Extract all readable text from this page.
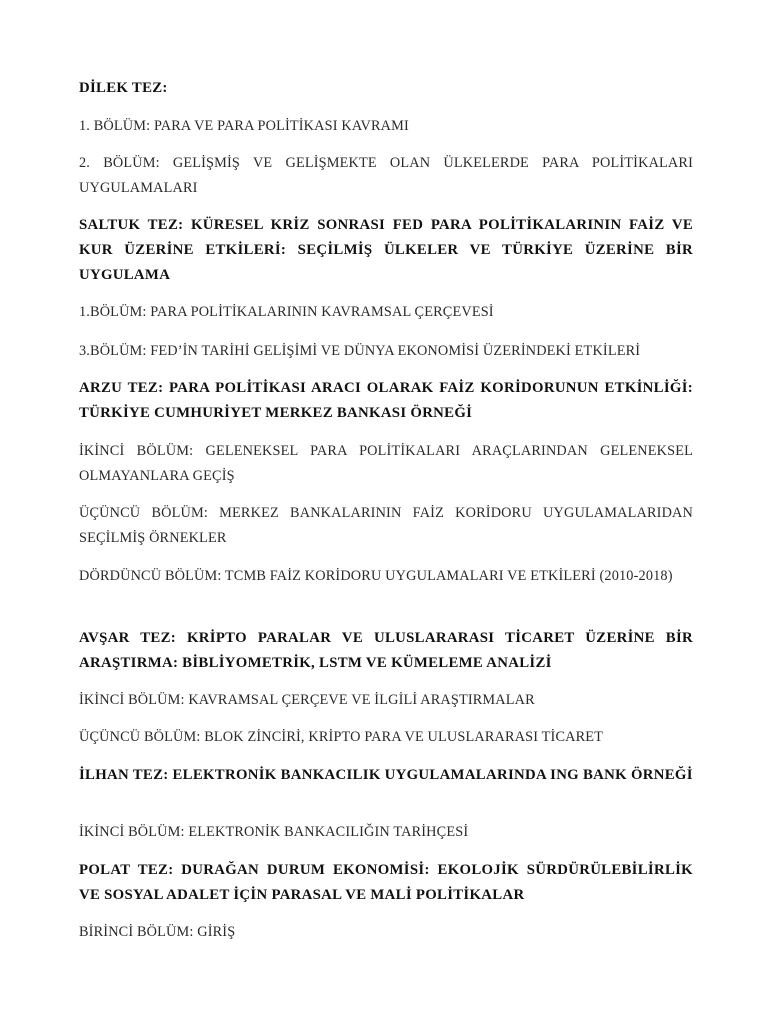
DİLEK TEZ:

1. BÖLÜM: PARA VE PARA POLİTİKASI KAVRAMI

2. BÖLÜM: GELİŞMİŞ VE GELİŞMEKTE OLAN ÜLKELERDE PARA POLİTİKALARI UYGULAMALARI

SALTUK TEZ: KÜRESEL KRİZ SONRASI FED PARA POLİTİKALARININ FAİZ VE KUR ÜZERİNE ETKİLERİ: SEÇİLMİŞ ÜLKELER VE TÜRKİYE ÜZERİNE BİR UYGULAMA

1.BÖLÜM: PARA POLİTİKALARININ KAVRAMSAL ÇERÇEVESİ

3.BÖLÜM: FED’İN TARİHİ GELİŞİMİ VE DÜNYA EKONOMİSİ ÜZERİNDEKİ ETKİLERİ

ARZU TEZ: PARA POLİTİKASI ARACI OLARAK FAİZ KORİDORUNUN ETKİNLİĞİ: TÜRKİYE CUMHURİYET MERKEZ BANKASI ÖRNEĞİ

İKİNCİ BÖLÜM: GELENEKSEL PARA POLİTİKALARI ARAÇLARINDAN GELENEKSEL OLMAYANLARA GEÇİŞ

ÜÇÜNCÜ BÖLÜM: MERKEZ BANKALARININ FAİZ KORİDORU UYGULAMALARIDAN SEÇİLMİŞ ÖRNEKLER

DÖRDÜNCÜ BÖLÜM: TCMB FAİZ KORİDORU UYGULAMALARI VE ETKİLERİ (2010-2018)

AVŞAR TEZ: KRİPTO PARALAR VE ULUSLARARASI TİCARET ÜZERİNE BİR ARAŞTIRMA: BİBLİYOMETRİK, LSTM VE KÜMELEME ANALİZİ

İKİNCİ BÖLÜM: KAVRAMSAL ÇERÇEVE VE İLGİLİ ARAŞTIRMALAR

ÜÇÜNCÜ BÖLÜM: BLOK ZİNCİRİ, KRİPTO PARA VE ULUSLARARASI TİCARET

İLHAN TEZ: ELEKTRONİK BANKACILIK UYGULAMALARINDA ING BANK ÖRNEĞİ

İKİNCİ BÖLÜM: ELEKTRONİK BANKACILIĞIN TARİHÇESİ

POLAT TEZ: DURAĞAN DURUM EKONOMİSİ: EKOLOJİK SÜRDÜRÜLEBİLİRLİK VE SOSYAL ADALET İÇİN PARASAL VE MALİ POLİTİKALAR

BİRİNCİ BÖLÜM: GİRİŞ
